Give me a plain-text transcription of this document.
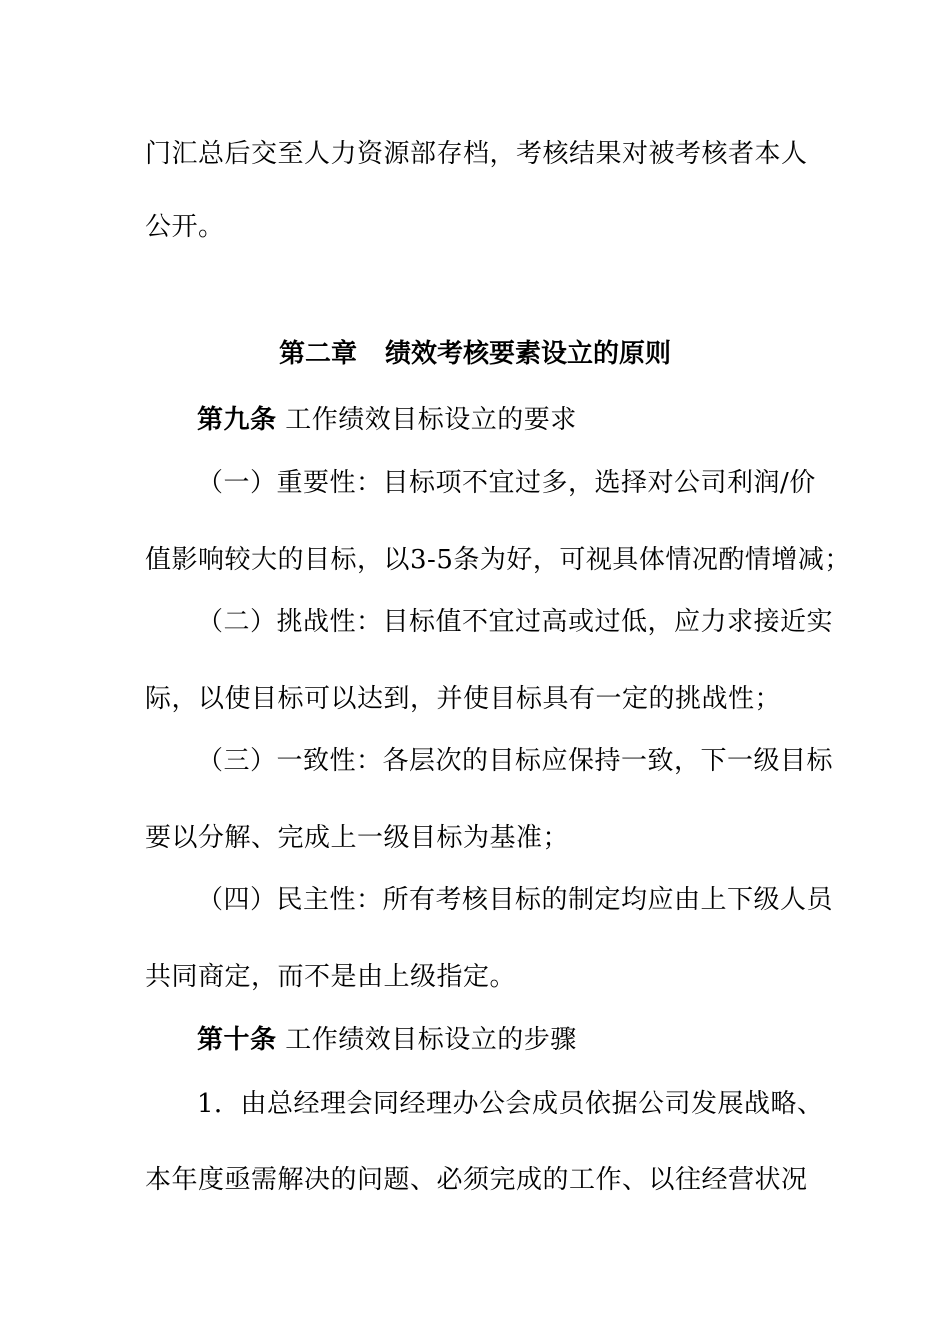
门汇总后交至人力资源部存档，考核结果对被考核者本人
公开。
第二章 绩效考核要素设立的原则
第九条 工作绩效目标设立的要求
（一）重要性：目标项不宜过多，选择对公司利润/价
值影响较大的目标，以3-5条为好，可视具体情况酌情增减；
（二）挑战性：目标值不宜过高或过低，应力求接近实
际，以使目标可以达到，并使目标具有一定的挑战性；
（三）一致性：各层次的目标应保持一致，下一级目标
要以分解、完成上一级目标为基准；
（四）民主性：所有考核目标的制定均应由上下级人员
共同商定，而不是由上级指定。
第十条 工作绩效目标设立的步骤
1．由总经理会同经理办公会成员依据公司发展战略、
本年度亟需解决的问题、必须完成的工作、以往经营状况
